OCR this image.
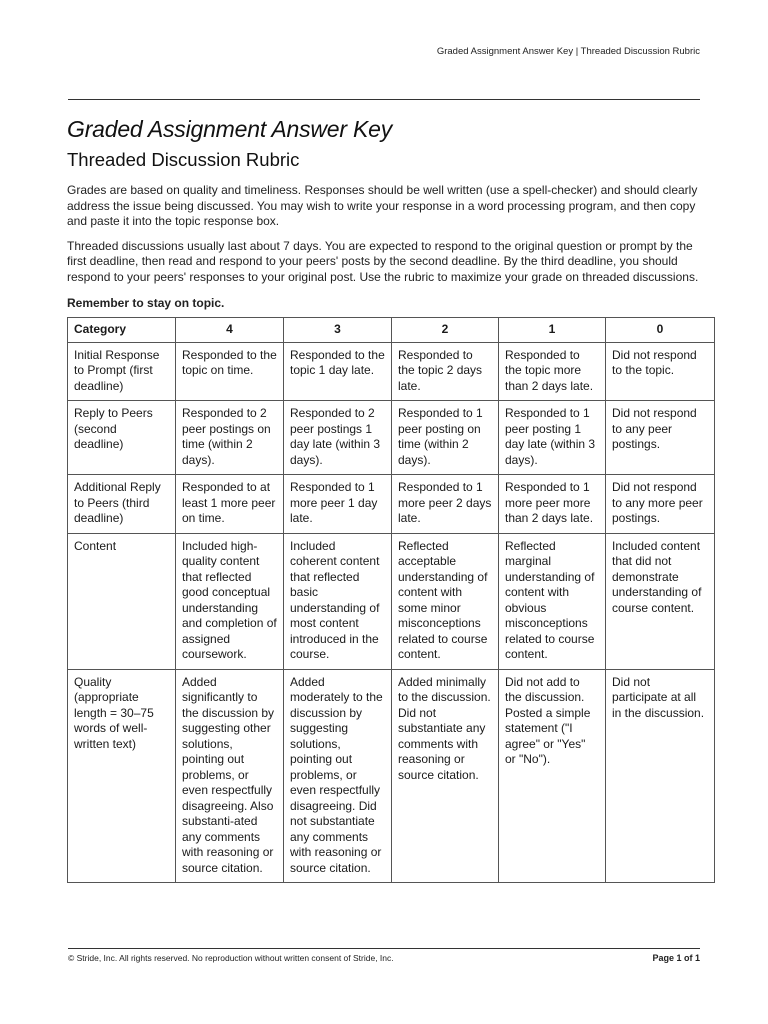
Graded Assignment Answer Key | Threaded Discussion Rubric
Graded Assignment Answer Key
Threaded Discussion Rubric

Grades are based on quality and timeliness. Responses should be well written (use a spell-checker) and should clearly address the issue being discussed. You may wish to write your response in a word processing program, and then copy and paste it into the topic response box.

Threaded discussions usually last about 7 days. You are expected to respond to the original question or prompt by the first deadline, then read and respond to your peers' posts by the second deadline. By the third deadline, you should respond to your peers' responses to your original post. Use the rubric to maximize your grade on threaded discussions.

Remember to stay on topic.

Category	4	3	2	1	0
Initial Response to Prompt (first deadline)	Responded to the topic on time.	Responded to the topic 1 day late.	Responded to the topic 2 days late.	Responded to the topic more than 2 days late.	Did not respond to the topic.
Reply to Peers (second deadline)	Responded to 2 peer postings on time (within 2 days).	Responded to 2 peer postings 1 day late (within 3 days).	Responded to 1 peer posting on time (within 2 days).	Responded to 1 peer posting 1 day late (within 3 days).	Did not respond to any peer postings.
Additional Reply to Peers (third deadline)	Responded to at least 1 more peer on time.	Responded to 1 more peer 1 day late.	Responded to 1 more peer 2 days late.	Responded to 1 more peer more than 2 days late.	Did not respond to any more peer postings.
Content	Included high-quality content that reflected good conceptual understanding and completion of assigned coursework.	Included coherent content that reflected basic understanding of most content introduced in the course.	Reflected acceptable understanding of content with some minor misconceptions related to course content.	Reflected marginal understanding of content with obvious misconceptions related to course content.	Included content that did not demonstrate understanding of course content.
Quality (appropriate length = 30–75 words of well-written text)	Added significantly to the discussion by suggesting other solutions, pointing out problems, or even respectfully disagreeing. Also substanti-ated any comments with reasoning or source citation.	Added moderately to the discussion by suggesting solutions, pointing out problems, or even respectfully disagreeing. Did not substantiate any comments with reasoning or source citation.	Added minimally to the discussion. Did not substantiate any comments with reasoning or source citation.	Did not add to the discussion. Posted a simple statement ("I agree" or "Yes" or "No").	Did not participate at all in the discussion.
© Stride, Inc. All rights reserved. No reproduction without written consent of Stride, Inc.	Page 1 of 1
